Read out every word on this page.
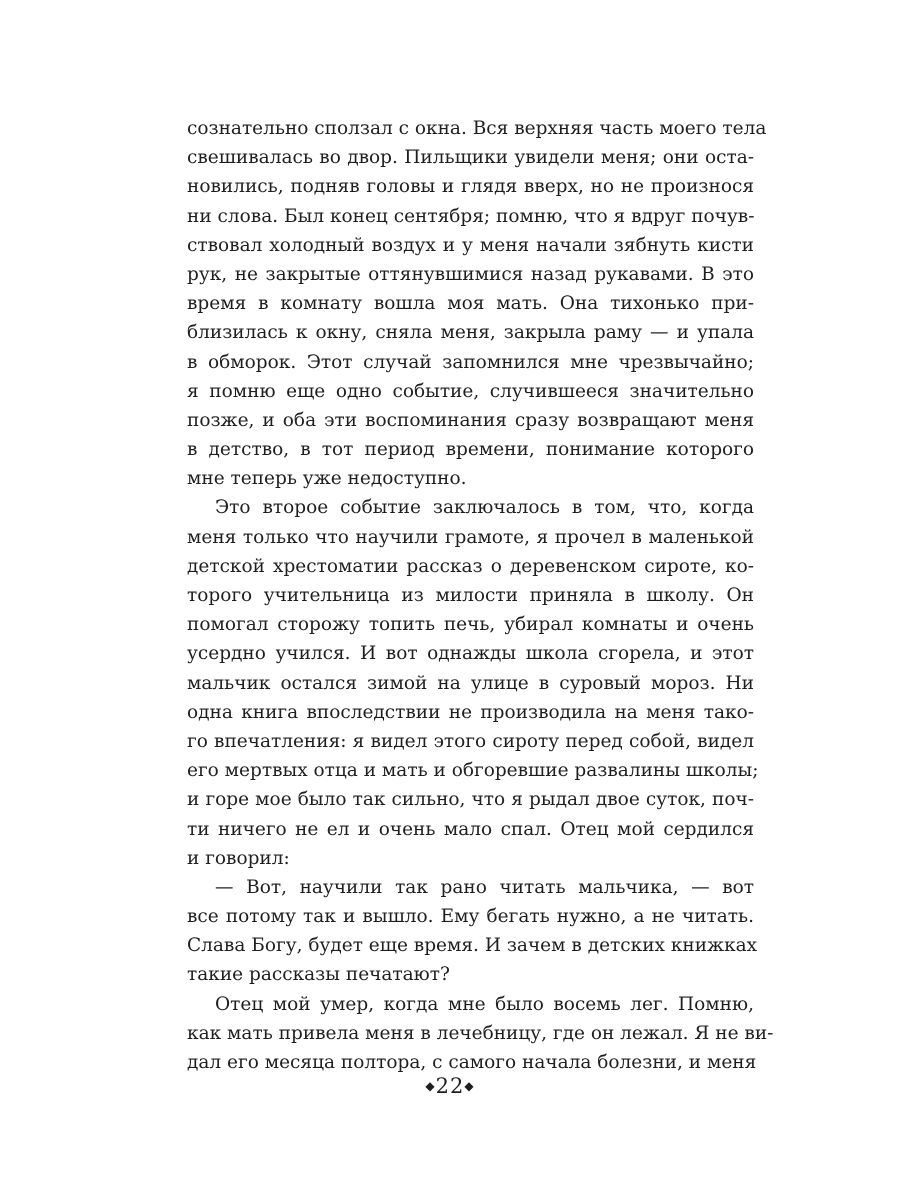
сознательно сползал с окна. Вся верхняя часть моего тела
свешивалась во двор. Пильщики увидели меня; они оста-
новились, подняв головы и глядя вверх, но не произнося
ни слова. Был конец сентября; помню, что я вдруг почув-
ствовал холодный воздух и у меня начали зябнуть кисти
рук, не закрытые оттянувшимися назад рукавами. В это
время в комнату вошла моя мать. Она тихонько при-
близилась к окну, сняла меня, закрыла раму — и упала
в обморок. Этот случай запомнился мне чрезвычайно;
я помню еще одно событие, случившееся значительно
позже, и оба эти воспоминания сразу возвращают меня
в детство, в тот период времени, понимание которого
мне теперь уже недоступно.
Это второе событие заключалось в том, что, когда
меня только что научили грамоте, я прочел в маленькой
детской хрестоматии рассказ о деревенском сироте, ко-
торого учительница из милости приняла в школу. Он
помогал сторожу топить печь, убирал комнаты и очень
усердно учился. И вот однажды школа сгорела, и этот
мальчик остался зимой на улице в суровый мороз. Ни
одна книга впоследствии не производила на меня тако-
го впечатления: я видел этого сироту перед собой, видел
его мертвых отца и мать и обгоревшие развалины школы;
и горе мое было так сильно, что я рыдал двое суток, поч-
ти ничего не ел и очень мало спал. Отец мой сердился
и говорил:
— Вот, научили так рано читать мальчика, — вот
все потому так и вышло. Ему бегать нужно, а не читать.
Слава Богу, будет еще время. И зачем в детских книжках
такие рассказы печатают?
Отец мой умер, когда мне было восемь лег. Помню,
как мать привела меня в лечебницу, где он лежал. Я не ви-
дал его месяца полтора, с самого начала болезни, и меня
◆22◆
